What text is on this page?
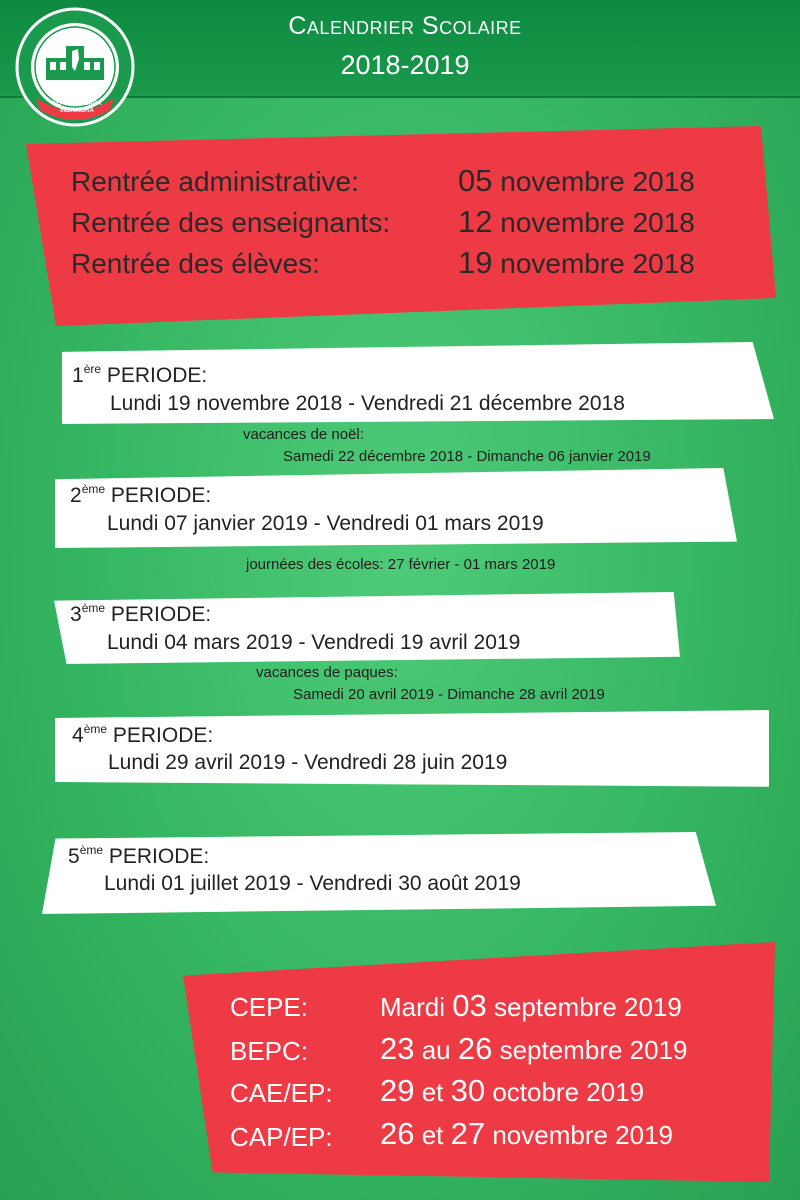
Calendrier Scolaire
2018-2019
NY FIANARANA
NO LOVA TSARA INDRINDRA
Rentrée administrative:	05 novembre 2018
Rentrée des enseignants: 12 novembre 2018
Rentrée des élèves:	19 novembre 2018
1ère PERIODE:
Lundi 19 novembre 2018 - Vendredi 21 décembre 2018
vacances de noël:
Samedi 22 décembre 2018 - Dimanche 06 janvier 2019
2ème PERIODE:
Lundi 07 janvier 2019 - Vendredi 01 mars 2019
journées des écoles: 27 février - 01 mars 2019
3ème PERIODE:
Lundi 04 mars 2019 - Vendredi 19 avril 2019
vacances de paques:
Samedi 20 avril 2019 - Dimanche 28 avril 2019
4ème PERIODE:
Lundi 29 avril 2019 - Vendredi 28 juin 2019
5ème PERIODE:
Lundi 01 juillet 2019 - Vendredi 30 août 2019
CEPE:	Mardi 03 septembre 2019
BEPC: 23 au 26 septembre 2019
CAE/EP: 29 et 30 octobre 2019
CAP/EP: 26 et 27 novembre 2019
